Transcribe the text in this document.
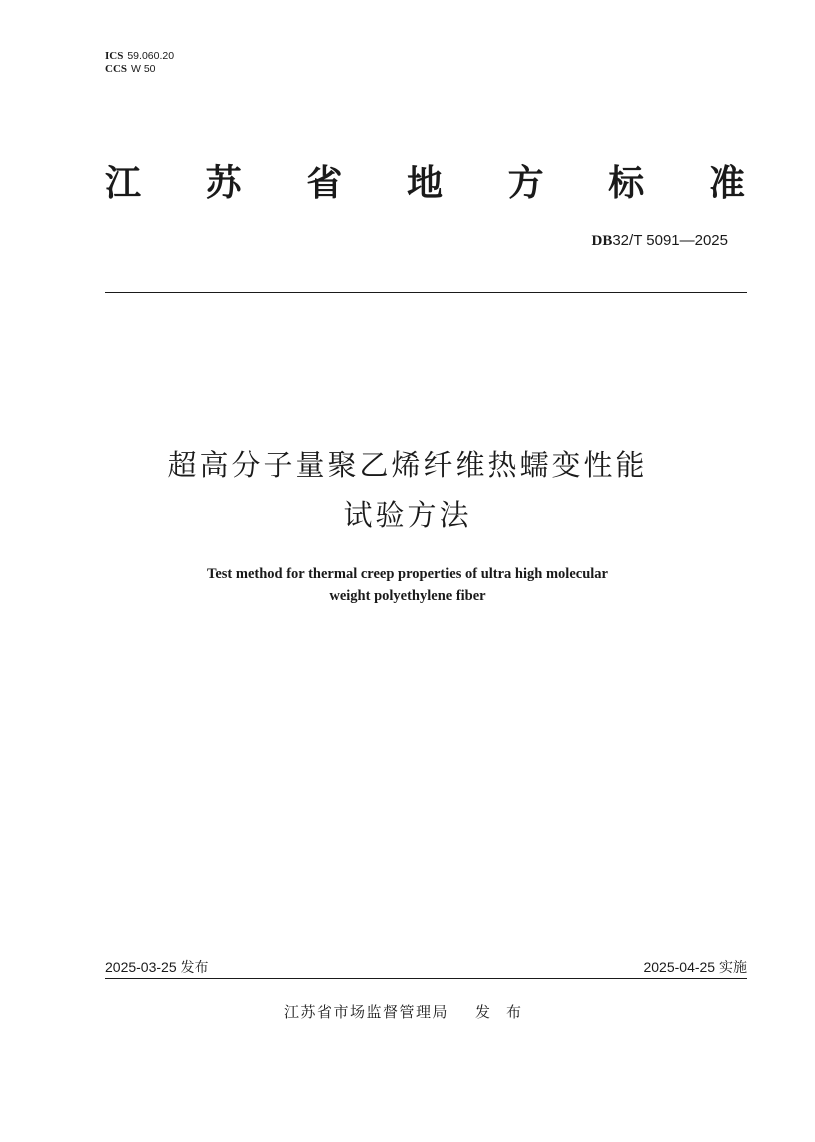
ICS 59.060.20
CCS W 50
江 苏 省 地 方 标 准
DB32/T 5091—2025
超高分子量聚乙烯纤维热蠕变性能
试验方法
Test method for thermal creep properties of ultra high molecular
weight polyethylene fiber
2025-03-25 发布	2025-04-25 实施
江苏省市场监督管理局 发布
